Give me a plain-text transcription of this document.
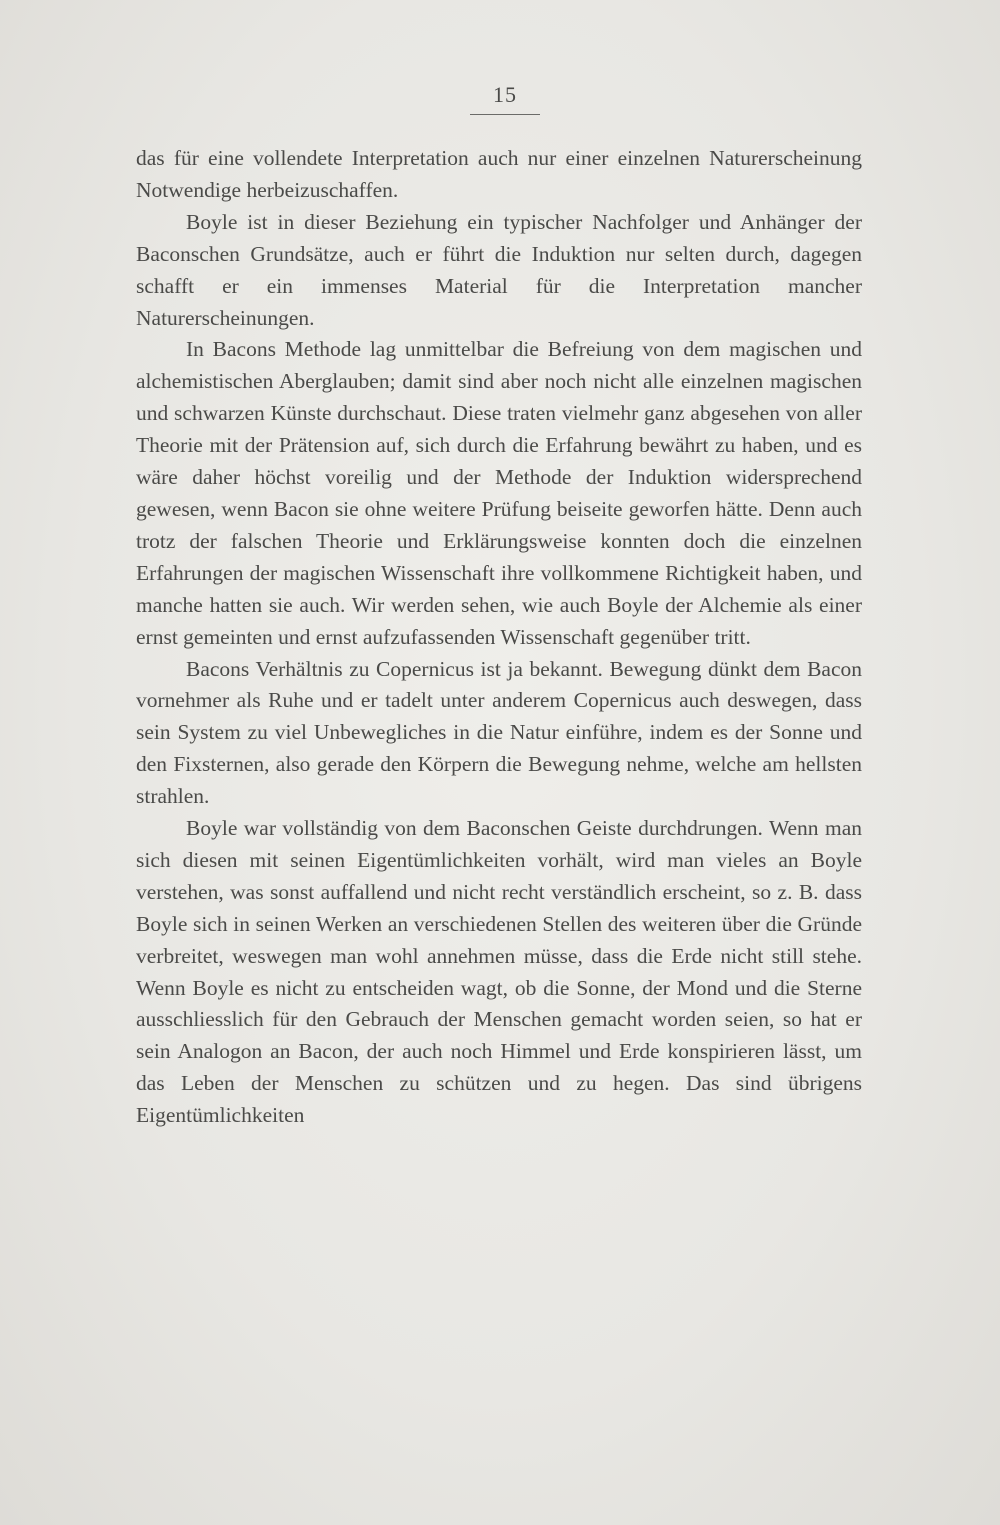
15

das für eine vollendete Interpretation auch nur einer einzelnen Naturerscheinung Notwendige herbeizuschaffen.

Boyle ist in dieser Beziehung ein typischer Nachfolger und Anhänger der Baconschen Grundsätze, auch er führt die Induktion nur selten durch, dagegen schafft er ein immenses Material für die Interpretation mancher Naturerscheinungen.

In Bacons Methode lag unmittelbar die Befreiung von dem magischen und alchemistischen Aberglauben; damit sind aber noch nicht alle einzelnen magischen und schwarzen Künste durchschaut. Diese traten vielmehr ganz abgesehen von aller Theorie mit der Prätension auf, sich durch die Erfahrung bewährt zu haben, und es wäre daher höchst voreilig und der Methode der Induktion widersprechend gewesen, wenn Bacon sie ohne weitere Prüfung beiseite geworfen hätte. Denn auch trotz der falschen Theorie und Erklärungsweise konnten doch die einzelnen Erfahrungen der magischen Wissenschaft ihre vollkommene Richtigkeit haben, und manche hatten sie auch. Wir werden sehen, wie auch Boyle der Alchemie als einer ernst gemeinten und ernst aufzufassenden Wissenschaft gegenüber tritt.

Bacons Verhältnis zu Copernicus ist ja bekannt. Bewegung dünkt dem Bacon vornehmer als Ruhe und er tadelt unter anderem Copernicus auch deswegen, dass sein System zu viel Unbewegliches in die Natur einführe, indem es der Sonne und den Fixsternen, also gerade den Körpern die Bewegung nehme, welche am hellsten strahlen.

Boyle war vollständig von dem Baconschen Geiste durchdrungen. Wenn man sich diesen mit seinen Eigentümlichkeiten vorhält, wird man vieles an Boyle verstehen, was sonst auffallend und nicht recht verständlich erscheint, so z. B. dass Boyle sich in seinen Werken an verschiedenen Stellen des weiteren über die Gründe verbreitet, weswegen man wohl annehmen müsse, dass die Erde nicht still stehe. Wenn Boyle es nicht zu entscheiden wagt, ob die Sonne, der Mond und die Sterne ausschliesslich für den Gebrauch der Menschen gemacht worden seien, so hat er sein Analogon an Bacon, der auch noch Himmel und Erde konspirieren lässt, um das Leben der Menschen zu schützen und zu hegen. Das sind übrigens Eigentümlichkeiten
